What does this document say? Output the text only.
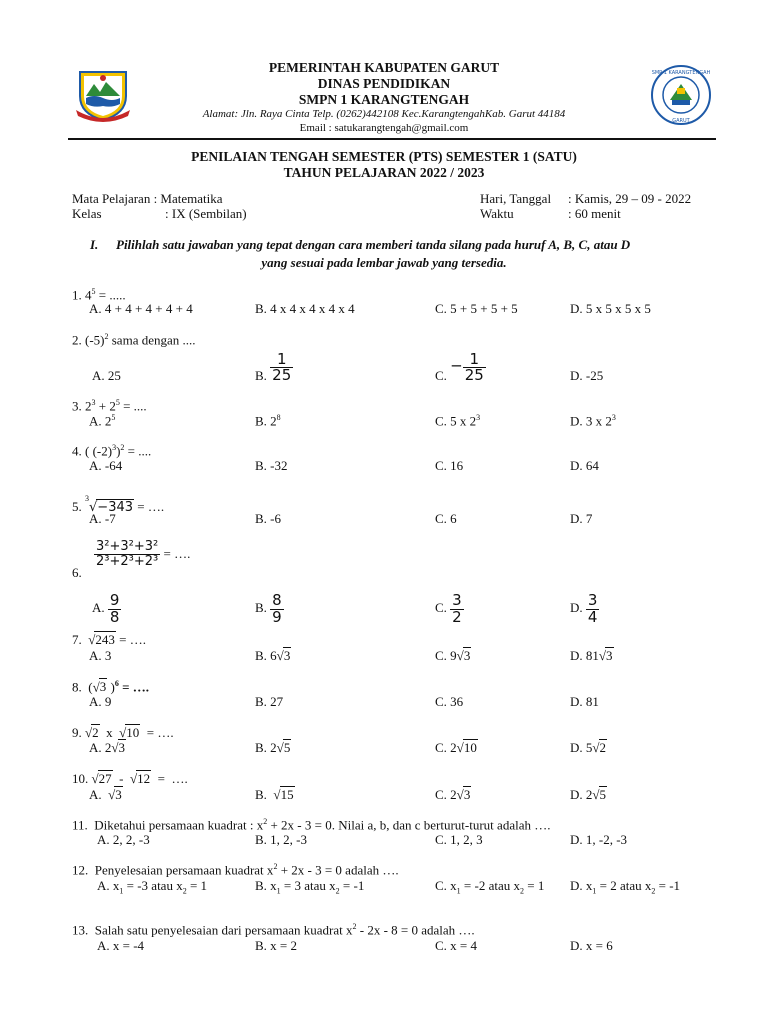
SMP 1 KARANGTENGAH
GARUT
PEMERINTAH KABUPATEN GARUT
DINAS PENDIDIKAN
SMPN 1 KARANGTENGAH
Alamat: Jln. Raya Cinta Telp. (0262)442108 Kec.KarangtengahKab. Garut 44184
Email : satukarangtengah@gmail.com
PENILAIAN TENGAH SEMESTER (PTS) SEMESTER 1 (SATU)
TAHUN PELAJARAN 2022 / 2023
Mata Pelajaran : Matematika
Kelas	: IX (Sembilan)
Hari, Tanggal : Kamis, 29 – 09 - 2022
Waktu	: 60 menit
I. Pilihlah satu jawaban yang tepat dengan cara memberi tanda silang pada huruf A, B, C, atau D
yang sesuai pada lembar jawab yang tersedia.
1. $4^5$ = .....
A. 4 + 4 + 4 + 4 + 4	B. 4 x 4 x 4 x 4 x 4	C. 5 + 5 + 5 + 5	D. 5 x 5 x 5 x 5
2. $(-5)^2$ sama dengan ....
A. 25	B. $\frac{1}{25}$	C. − $\frac{1}{25}$	D. -25
3. $2^3 + 2^5$ = ....
A. $2^5$	B. $2^8$	C. 5 x $2^3$	D. 3 x $2^3$
4. ( $(-2)^3)^2$ = ....
A. -64	B. -32	C. 16	D. 64
5. $^3$√−343 = ….
A. -7	B. -6	C. 6	D. 7
6.
$\frac{\text{3²+3²+3²}}{\text{2³+2³+2³}}$ = ….
A. $\frac{9}{8}$	B. $\frac{8}{9}$	C. $\frac{3}{2}$	D. $\frac{3}{4}$
7. √243 = ….
A. 3	B. 6√3	C. 9√3	D. 81√3
8. (√3 )$^6$ = ….
A. 9	B. 27	C. 36	D. 81
9. √2  x  √10  = ….
A. 2√3	B. 2√5	C. 2√10	D. 5√2
10. √27  -  √12  =  ….
A.  √3	B.  √15	C. 2√3	D. 2√5
11. Diketahui persamaan kuadrat : $x^2 + 2x - 3 = 0$. Nilai a, b, dan c berturut-turut adalah ….
A. 2, 2, -3	B. 1, 2, -3	C. 1, 2, 3	D. 1, -2, -3
12. Penyelesaian persamaan kuadrat $x^2 + 2x - 3 = 0$ adalah ….
A. $x_1 = -3$ atau $x_2 = 1$	B. $x_1 = 3$ atau $x_2 = -1$	C. $x_1 = -2$ atau $x_2 = 1$ D. $x_1 = 2$ atau $x_2 = -1$
13. Salah satu penyelesaian dari persamaan kuadrat $x^2 - 2x - 8 = 0$ adalah ….
A. x = -4	B. x = 2	C. x = 4	D. x = 6
